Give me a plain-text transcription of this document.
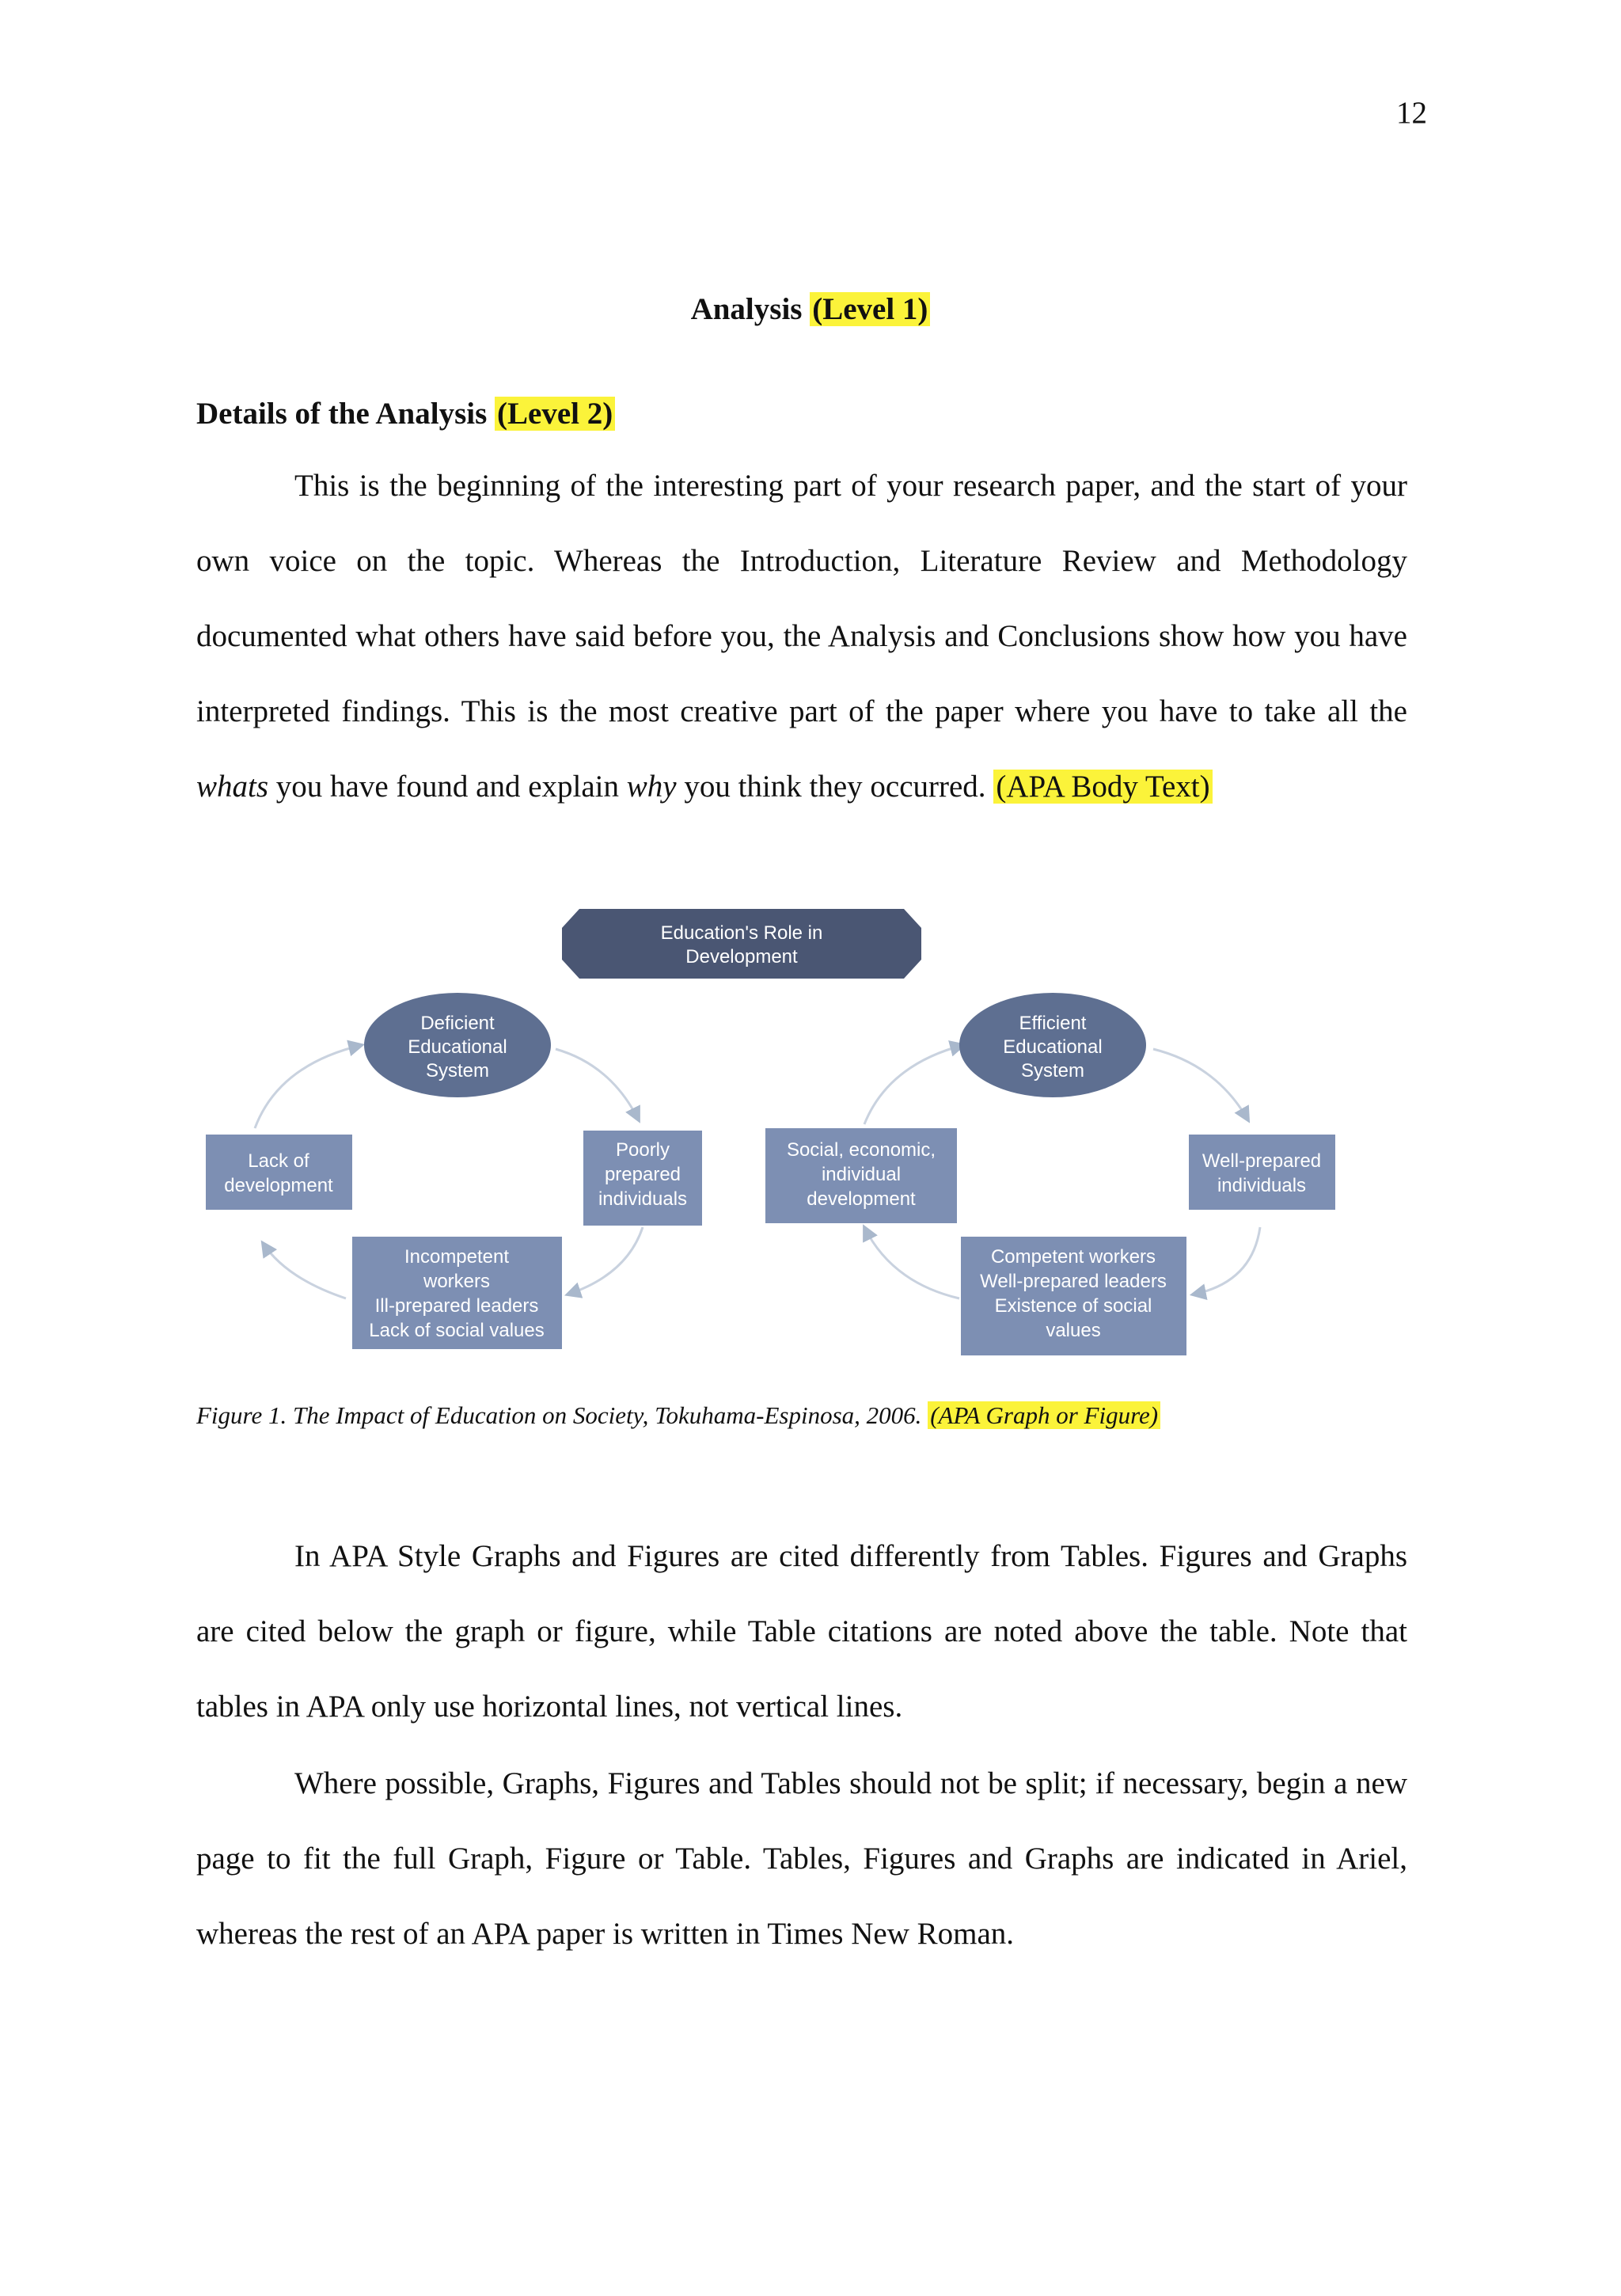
12
Analysis (Level 1)
Details of the Analysis (Level 2)

This is the beginning of the interesting part of your research paper, and the start of your own voice on the topic. Whereas the Introduction, Literature Review and Methodology documented what others have said before you, the Analysis and Conclusions show how you have interpreted findings. This is the most creative part of the paper where you have to take all the whats you have found and explain why you think they occurred. (APA Body Text)

Education's Role in
Development
Deficient
Educational
System
Poorly
prepared
individuals
Incompetent
workers
Ill-prepared leaders
Lack of social values
Lack of
development
Efficient
Educational
System
Well-prepared
individuals
Competent workers
Well-prepared leaders
Existence of social
values
Social, economic,
individual
development
Figure 1. The Impact of Education on Society, Tokuhama-Espinosa, 2006. (APA Graph or Figure)

In APA Style Graphs and Figures are cited differently from Tables. Figures and Graphs are cited below the graph or figure, while Table citations are noted above the table. Note that tables in APA only use horizontal lines, not vertical lines.

Where possible, Graphs, Figures and Tables should not be split; if necessary, begin a new page to fit the full Graph, Figure or Table. Tables, Figures and Graphs are indicated in Ariel, whereas the rest of an APA paper is written in Times New Roman.
